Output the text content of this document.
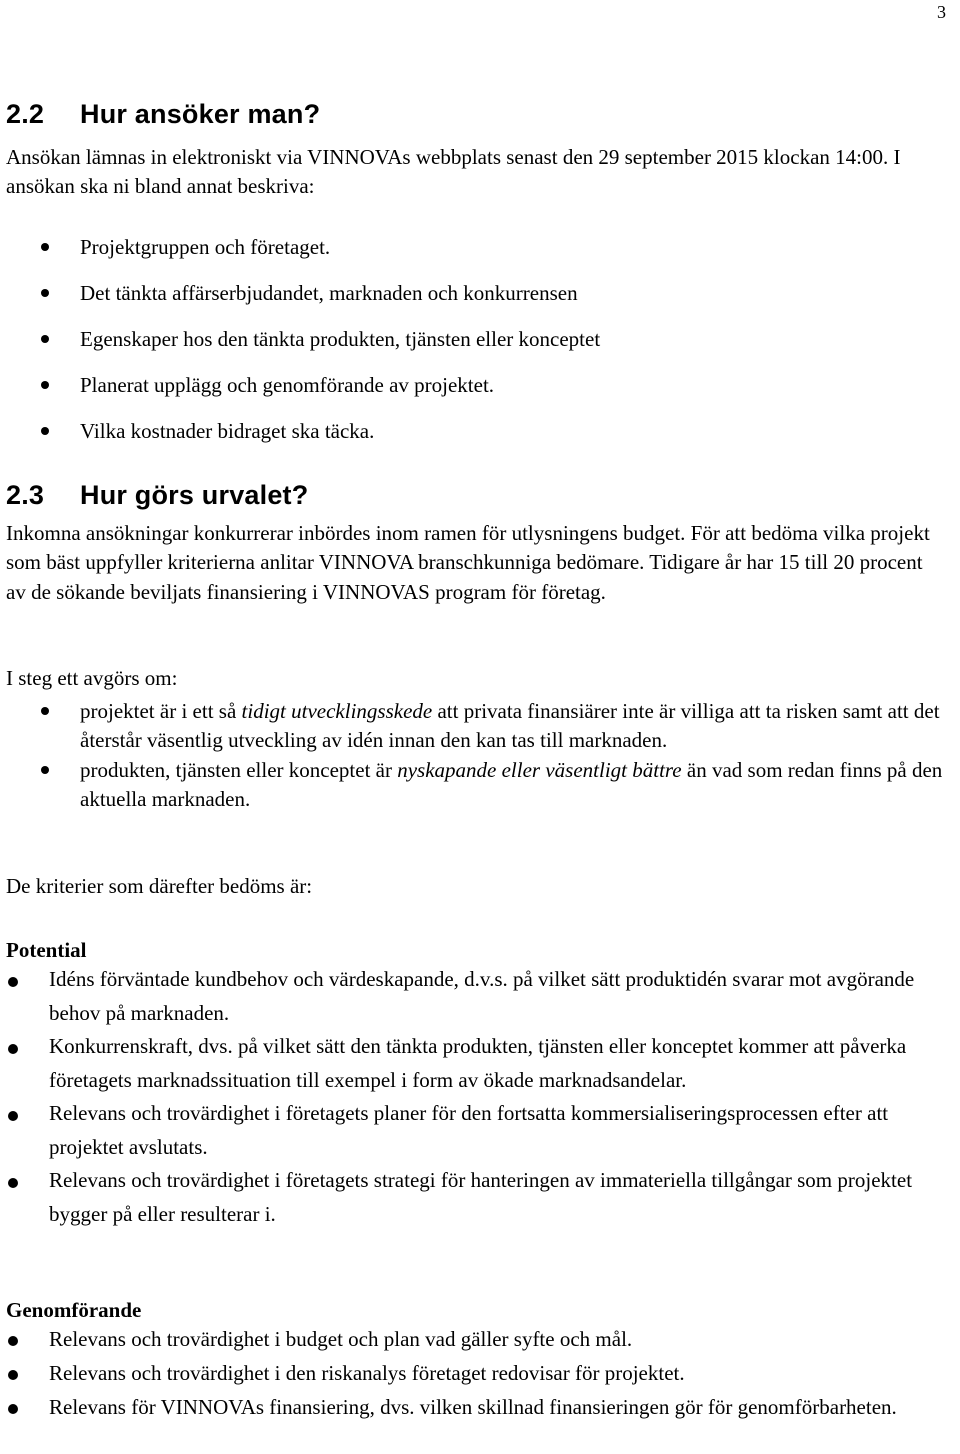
3
2.2 Hur ansöker man?
Ansökan lämnas in elektroniskt via VINNOVAs webbplats senast den 29 september 2015 klockan 14:00. I ansökan ska ni bland annat beskriva:
Projektgruppen och företaget.
Det tänkta affärserbjudandet, marknaden och konkurrensen
Egenskaper hos den tänkta produkten, tjänsten eller konceptet
Planerat upplägg och genomförande av projektet.
Vilka kostnader bidraget ska täcka.
2.3 Hur görs urvalet?
Inkomna ansökningar konkurrerar inbördes inom ramen för utlysningens budget. För att bedöma vilka projekt som bäst uppfyller kriterierna anlitar VINNOVA branschkunniga bedömare. Tidigare år har 15 till 20 procent av de sökande beviljats finansiering i VINNOVAS program för företag.
I steg ett avgörs om:
projektet är i ett så tidigt utvecklingsskede att privata finansiärer inte är villiga att ta risken samt att det återstår väsentlig utveckling av idén innan den kan tas till marknaden.
produkten, tjänsten eller konceptet är nyskapande eller väsentligt bättre än vad som redan finns på den aktuella marknaden.
De kriterier som därefter bedöms är:
Potential
Idéns förväntade kundbehov och värdeskapande, d.v.s. på vilket sätt produktidén svarar mot avgörande behov på marknaden.
Konkurrenskraft, dvs. på vilket sätt den tänkta produkten, tjänsten eller konceptet kommer att påverka företagets marknadssituation till exempel i form av ökade marknadsandelar.
Relevans och trovärdighet i företagets planer för den fortsatta kommersialiseringsprocessen efter att projektet avslutats.
Relevans och trovärdighet i företagets strategi för hanteringen av immateriella tillgångar som projektet bygger på eller resulterar i.
Genomförande
Relevans och trovärdighet i budget och plan vad gäller syfte och mål.
Relevans och trovärdighet i den riskanalys företaget redovisar för projektet.
Relevans för VINNOVAs finansiering, dvs. vilken skillnad finansieringen gör för genomförbarheten.
